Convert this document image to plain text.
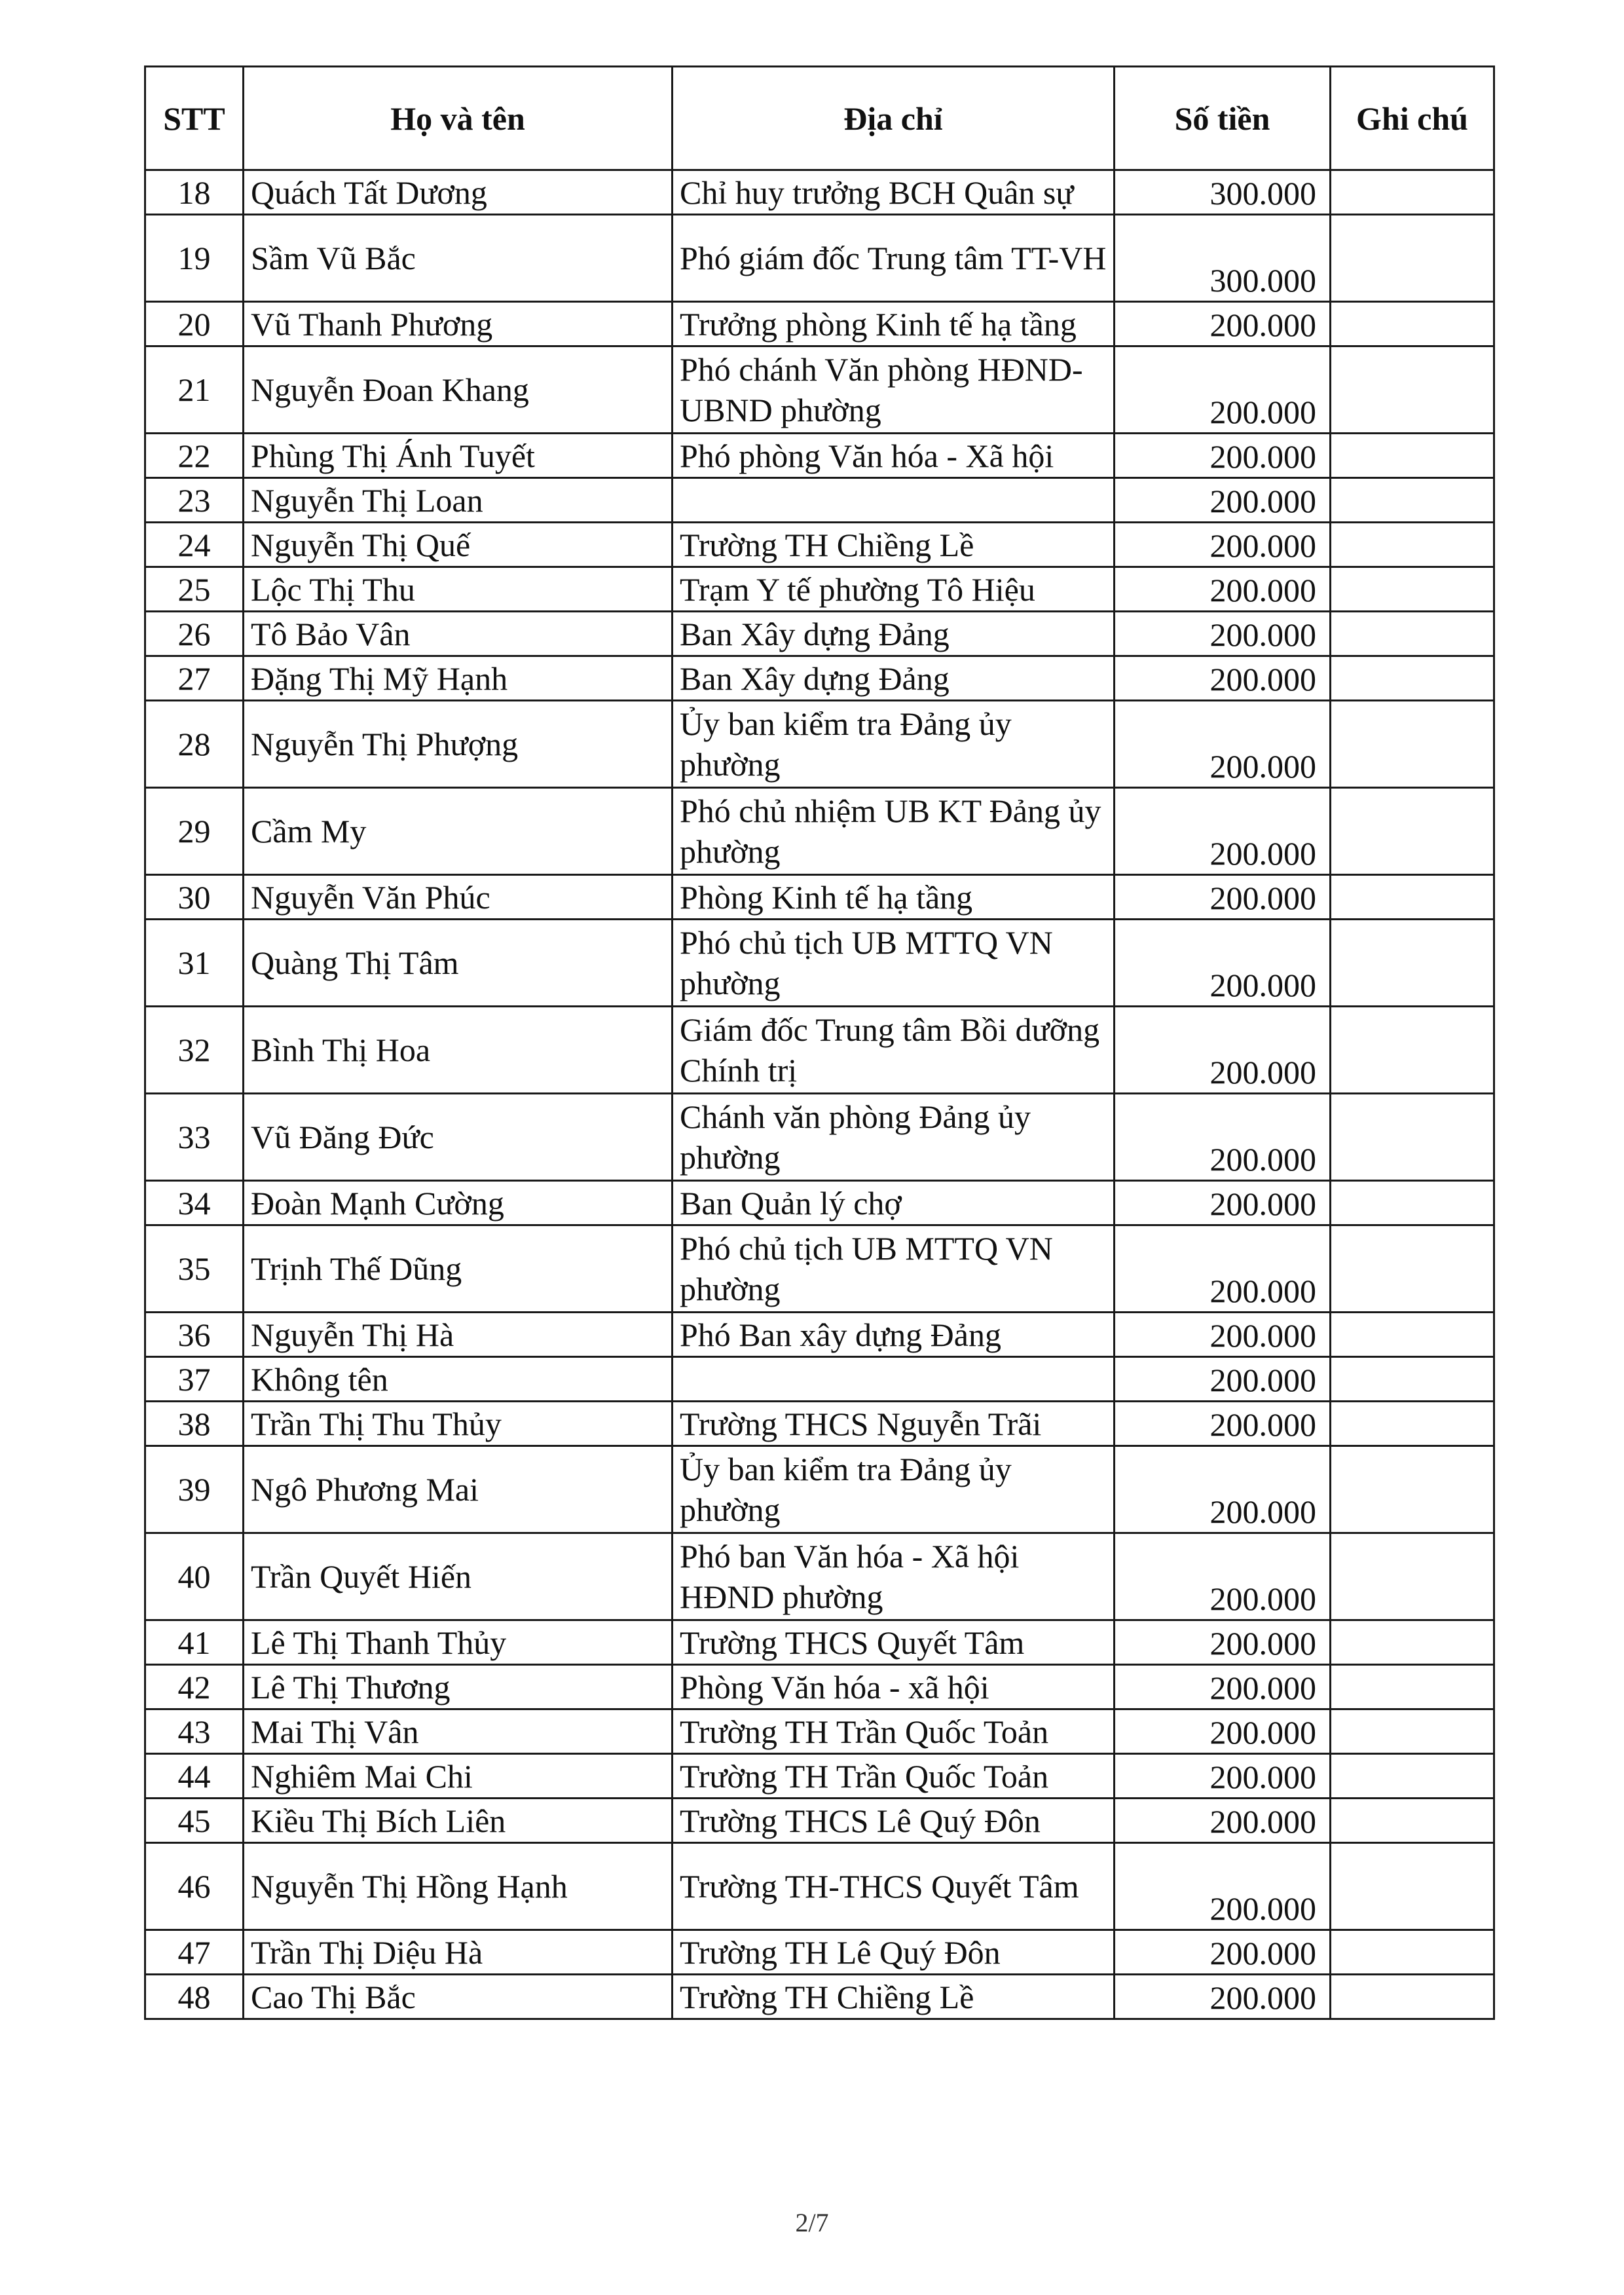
STT	Họ và tên	Địa chỉ	Số tiền	Ghi chú
18	Quách Tất Dương	Chỉ huy trưởng BCH Quân sự	300.000	
19	Sầm Vũ Bắc	Phó giám đốc Trung tâm TT-VH	300.000	
20	Vũ Thanh Phương	Trưởng phòng Kinh tế hạ tầng	200.000	
21	Nguyễn Đoan Khang	Phó chánh Văn phòng HĐND-UBND phường	200.000	
22	Phùng Thị Ánh Tuyết	Phó phòng Văn hóa - Xã hội	200.000	
23	Nguyễn Thị Loan		200.000	
24	Nguyễn Thị Quế	Trường TH Chiềng Lề	200.000	
25	Lộc Thị Thu	Trạm Y tế phường Tô Hiệu	200.000	
26	Tô Bảo Vân	Ban Xây dựng Đảng	200.000	
27	Đặng Thị Mỹ Hạnh	Ban Xây dựng Đảng	200.000	
28	Nguyễn Thị Phượng	Ủy ban kiểm tra Đảng ủy phường	200.000	
29	Cầm My	Phó chủ nhiệm UB KT Đảng ủy phường	200.000	
30	Nguyễn Văn Phúc	Phòng Kinh tế hạ tầng	200.000	
31	Quàng Thị Tâm	Phó chủ tịch UB MTTQ VN phường	200.000	
32	Bình Thị Hoa	Giám đốc Trung tâm Bồi dưỡng Chính trị	200.000	
33	Vũ Đăng Đức	Chánh văn phòng Đảng ủy phường	200.000	
34	Đoàn Mạnh Cường	Ban Quản lý chợ	200.000	
35	Trịnh Thế Dũng	Phó chủ tịch UB MTTQ VN phường	200.000	
36	Nguyễn Thị Hà	Phó Ban xây dựng Đảng	200.000	
37	Không tên		200.000	
38	Trần Thị Thu Thủy	Trường THCS Nguyễn Trãi	200.000	
39	Ngô Phương Mai	Ủy ban kiểm tra Đảng ủy phường	200.000	
40	Trần Quyết Hiến	Phó ban Văn hóa - Xã hội HĐND phường	200.000	
41	Lê Thị Thanh Thủy	Trường THCS Quyết Tâm	200.000	
42	Lê Thị Thương	Phòng Văn hóa - xã hội	200.000	
43	Mai Thị Vân	Trường TH Trần Quốc Toản	200.000	
44	Nghiêm Mai Chi	Trường TH Trần Quốc Toản	200.000	
45	Kiều Thị Bích Liên	Trường THCS Lê Quý Đôn	200.000	
46	Nguyễn Thị Hồng Hạnh	Trường TH-THCS Quyết Tâm	200.000	
47	Trần Thị Diệu Hà	Trường TH Lê Quý Đôn	200.000	
48	Cao Thị Bắc	Trường TH Chiềng Lề	200.000	
2/7
